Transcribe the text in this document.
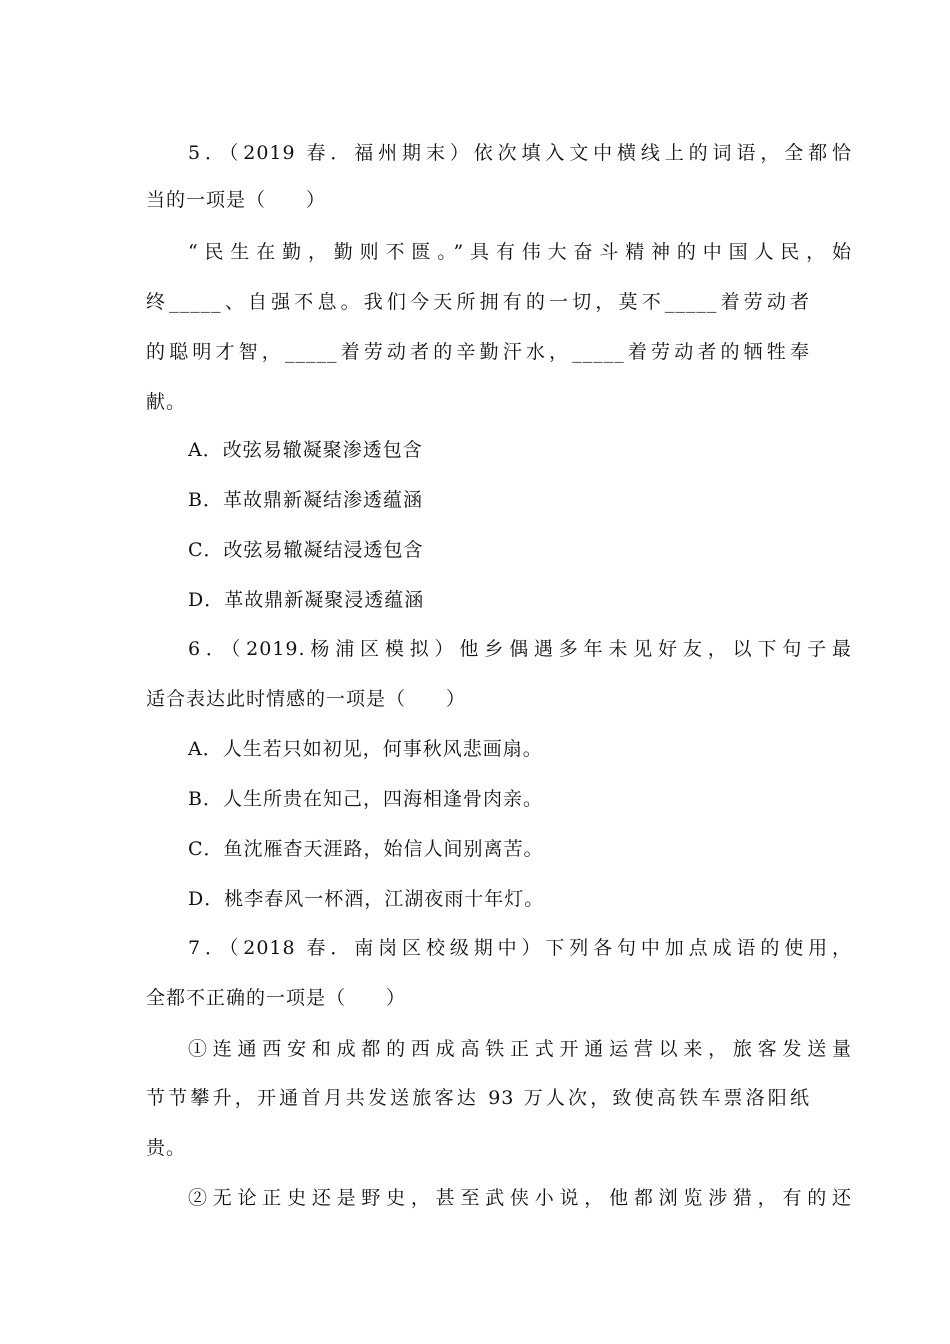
5．（2019 春．福州期末）依次填入文中横线上的词语，全都恰
当的一项是（　　）
“民生在勤，勤则不匮。”具有伟大奋斗精神的中国人民，始
终_____、自强不息。我们今天所拥有的一切，莫不_____着劳动者
的聪明才智，_____着劳动者的辛勤汗水，_____着劳动者的牺牲奉
献。
A．改弦易辙凝聚渗透包含
B．革故鼎新凝结渗透蕴涵
C．改弦易辙凝结浸透包含
D．革故鼎新凝聚浸透蕴涵
6．（2019.杨浦区模拟）他乡偶遇多年未见好友，以下句子最
适合表达此时情感的一项是（　　）
A．人生若只如初见，何事秋风悲画扇。
B．人生所贵在知己，四海相逢骨肉亲。
C．鱼沈雁杳天涯路，始信人间别离苦。
D．桃李春风一杯酒，江湖夜雨十年灯。
7．（2018 春．南岗区校级期中）下列各句中加点成语的使用，
全都不正确的一项是（　　）
①连通西安和成都的西成高铁正式开通运营以来，旅客发送量
节节攀升，开通首月共发送旅客达 93 万人次，致使高铁车票洛阳纸
贵。
②无论正史还是野史，甚至武侠小说，他都浏览涉猎，有的还
